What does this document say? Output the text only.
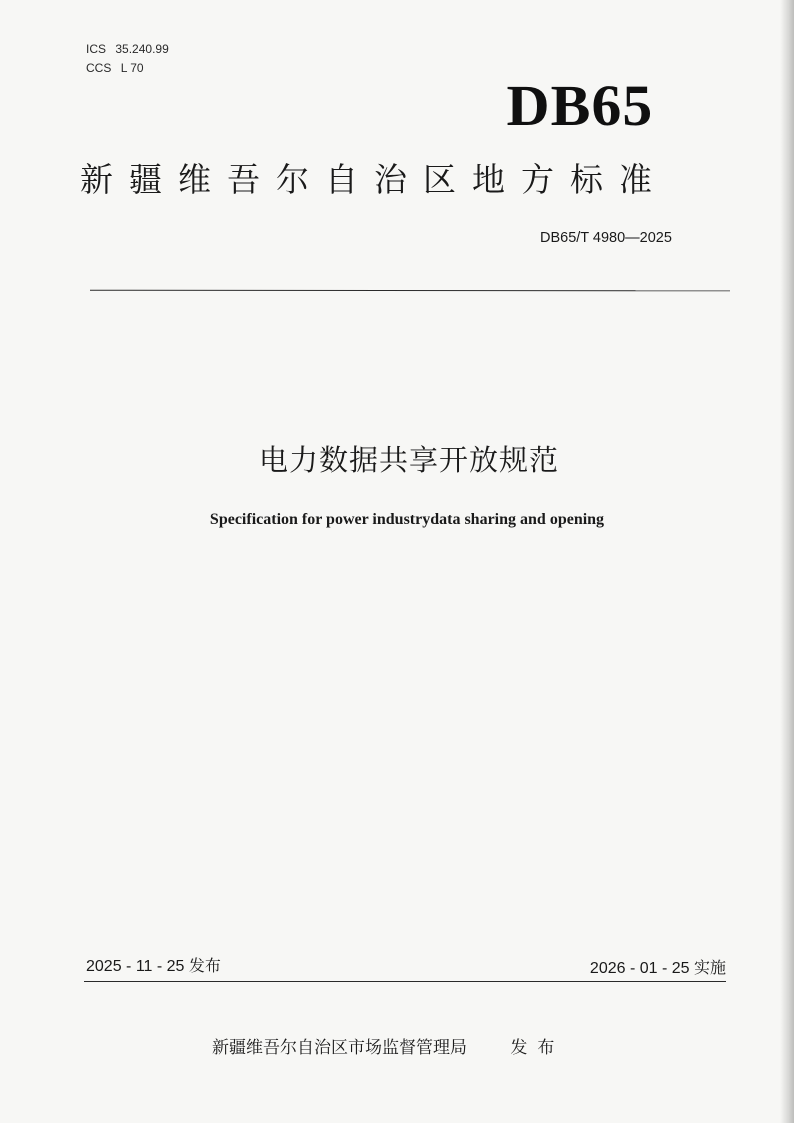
ICS 35.240.99
CCS L 70
DB65
新疆维吾尔自治区地方标准
DB65/T 4980—2025
电力数据共享开放规范
Specification for power industrydata sharing and opening
2025 - 11 - 25 发布	2026 - 01 - 25 实施
新疆维吾尔自治区市场监督管理局	发布
